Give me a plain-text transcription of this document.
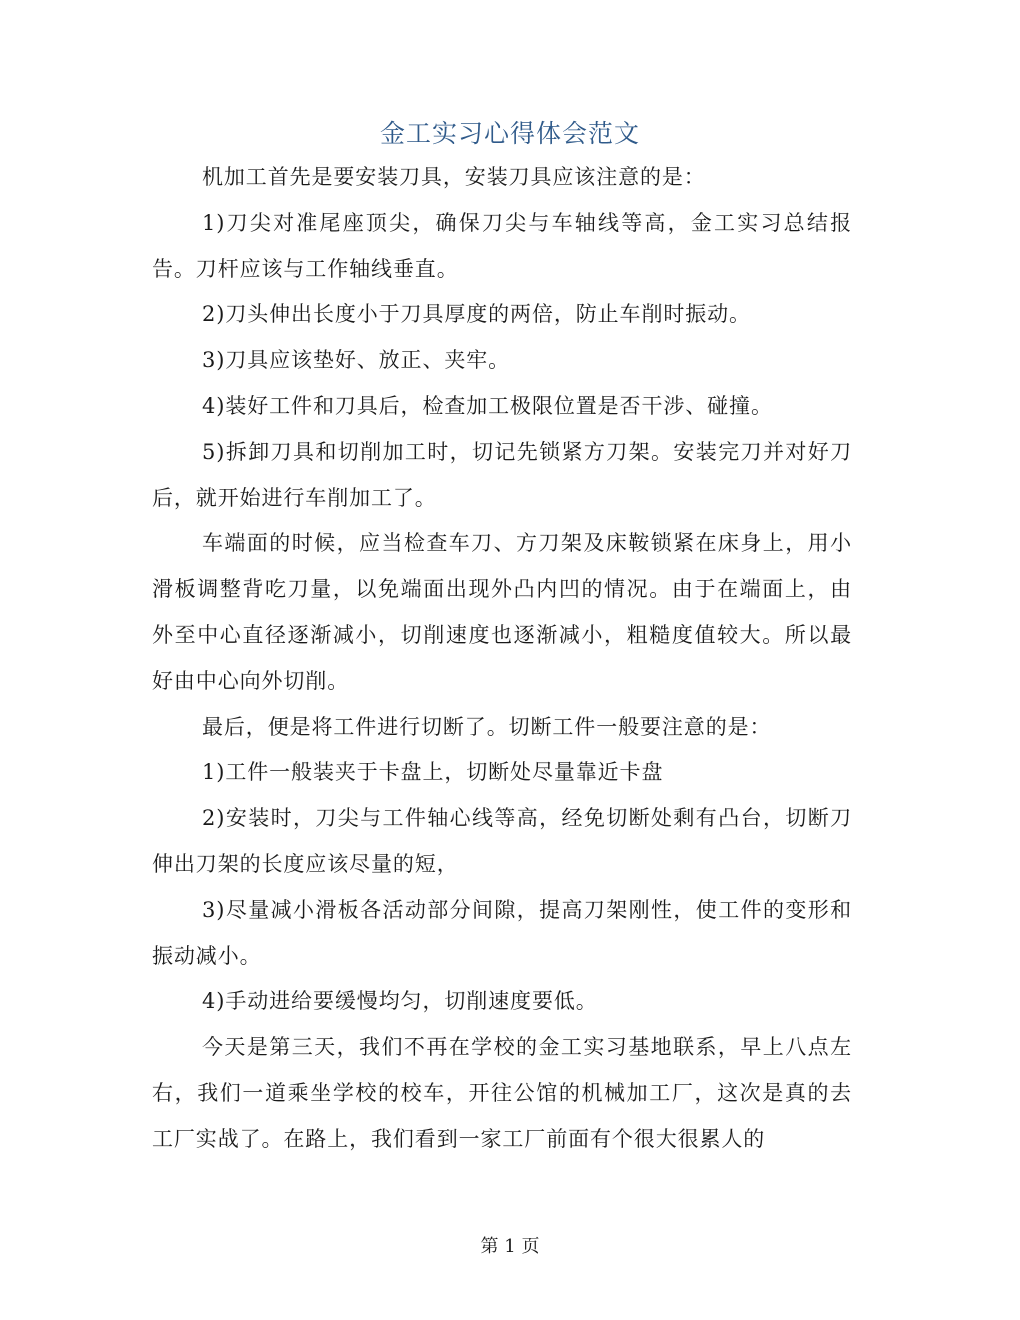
金工实习心得体会范文

机加工首先是要安装刀具，安装刀具应该注意的是：

1)刀尖对准尾座顶尖，确保刀尖与车轴线等高，金工实习总结报告。刀杆应该与工作轴线垂直。

2)刀头伸出长度小于刀具厚度的两倍，防止车削时振动。

3)刀具应该垫好、放正、夹牢。

4)装好工件和刀具后，检查加工极限位置是否干涉、碰撞。

5)拆卸刀具和切削加工时，切记先锁紧方刀架。安装完刀并对好刀后，就开始进行车削加工了。

车端面的时候，应当检查车刀、方刀架及床鞍锁紧在床身上，用小滑板调整背吃刀量，以免端面出现外凸内凹的情况。由于在端面上，由外至中心直径逐渐减小，切削速度也逐渐减小，粗糙度值较大。所以最好由中心向外切削。

最后，便是将工件进行切断了。切断工件一般要注意的是：

1)工件一般装夹于卡盘上，切断处尽量靠近卡盘

2)安装时，刀尖与工件轴心线等高，经免切断处剩有凸台，切断刀伸出刀架的长度应该尽量的短，

3)尽量减小滑板各活动部分间隙，提高刀架刚性，使工件的变形和振动减小。

4)手动进给要缓慢均匀，切削速度要低。

今天是第三天，我们不再在学校的金工实习基地联系，早上八点左右，我们一道乘坐学校的校车，开往公馆的机械加工厂，这次是真的去工厂实战了。在路上，我们看到一家工厂前面有个很大很累人的

第 1 页
